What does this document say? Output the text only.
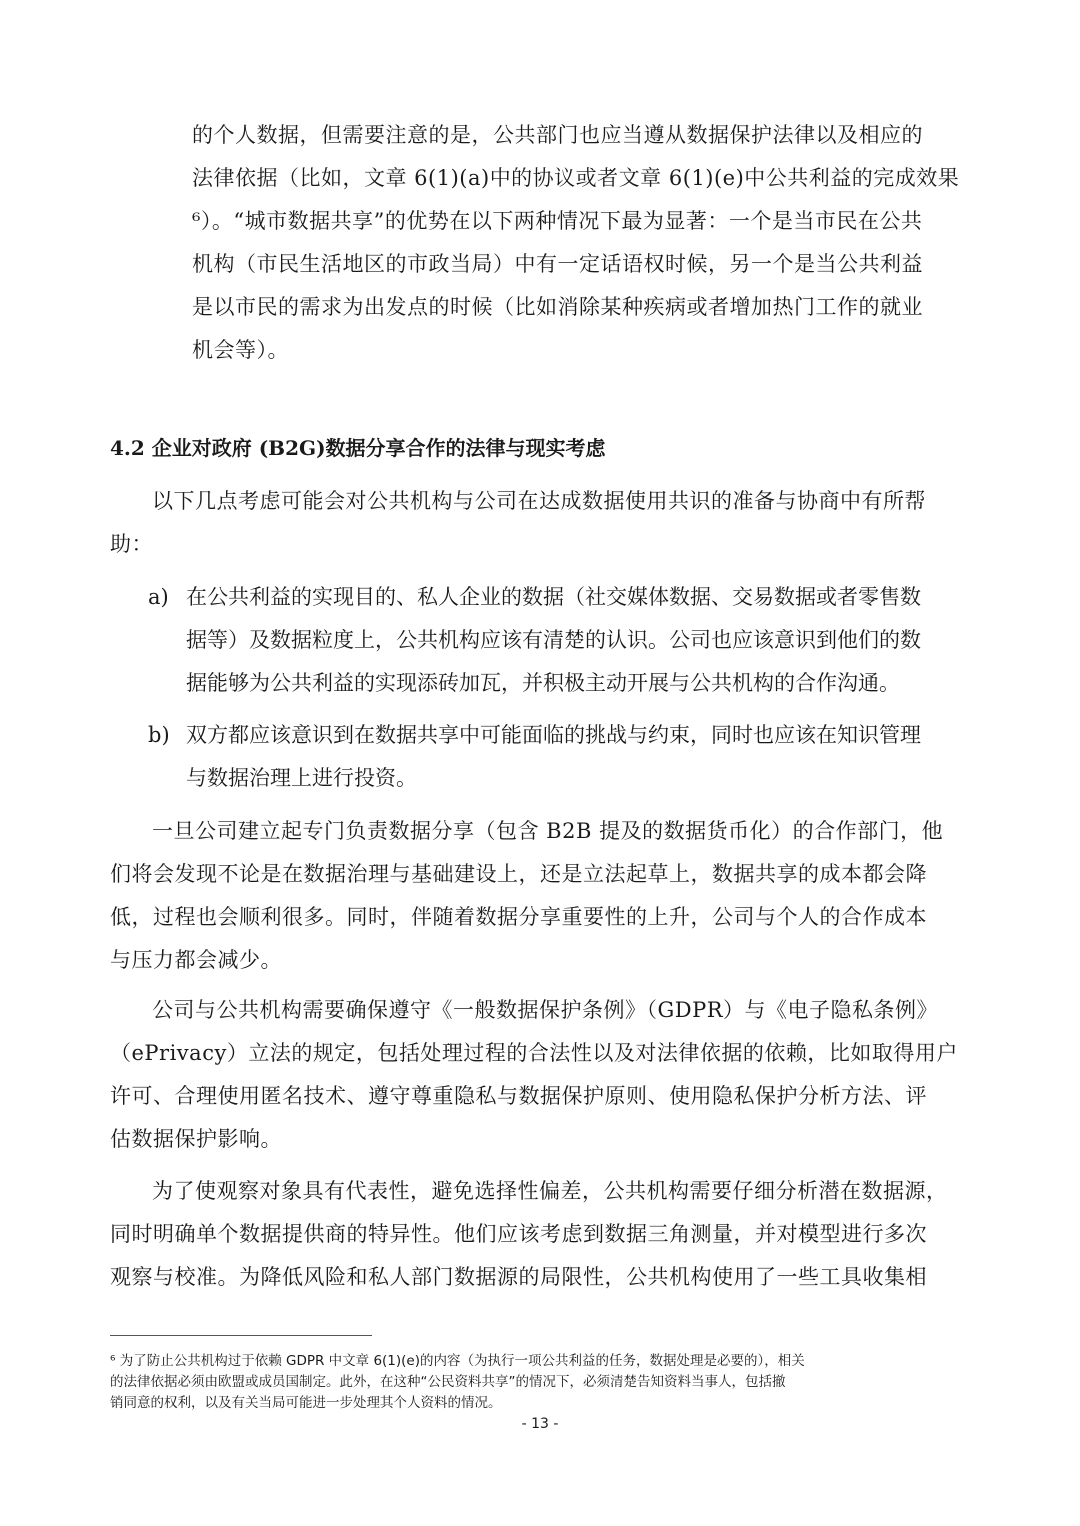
的个人数据，但需要注意的是，公共部门也应当遵从数据保护法律以及相应的
法律依据（比如，文章 6(1)(a)中的协议或者文章 6(1)(e)中公共利益的完成效果
⁶）。“城市数据共享”的优势在以下两种情况下最为显著：一个是当市民在公共
机构（市民生活地区的市政当局）中有一定话语权时候，另一个是当公共利益
是以市民的需求为出发点的时候（比如消除某种疾病或者增加热门工作的就业
机会等）。
4.2 企业对政府 (B2G)数据分享合作的法律与现实考虑
以下几点考虑可能会对公共机构与公司在达成数据使用共识的准备与协商中有所帮
助：
a) 在公共利益的实现目的、私人企业的数据（社交媒体数据、交易数据或者零售数
据等）及数据粒度上，公共机构应该有清楚的认识。公司也应该意识到他们的数
据能够为公共利益的实现添砖加瓦，并积极主动开展与公共机构的合作沟通。
b) 双方都应该意识到在数据共享中可能面临的挑战与约束，同时也应该在知识管理
与数据治理上进行投资。
一旦公司建立起专门负责数据分享（包含 B2B 提及的数据货币化）的合作部门，他
们将会发现不论是在数据治理与基础建设上，还是立法起草上，数据共享的成本都会降
低，过程也会顺利很多。同时，伴随着数据分享重要性的上升，公司与个人的合作成本
与压力都会减少。
公司与公共机构需要确保遵守《一般数据保护条例》（GDPR）与《电子隐私条例》
（ePrivacy）立法的规定，包括处理过程的合法性以及对法律依据的依赖，比如取得用户
许可、合理使用匿名技术、遵守尊重隐私与数据保护原则、使用隐私保护分析方法、评
估数据保护影响。
为了使观察对象具有代表性，避免选择性偏差，公共机构需要仔细分析潜在数据源，
同时明确单个数据提供商的特异性。他们应该考虑到数据三角测量，并对模型进行多次
观察与校准。为降低风险和私人部门数据源的局限性，公共机构使用了一些工具收集相
⁶ 为了防止公共机构过于依赖 GDPR 中文章 6(1)(e)的内容（为执行一项公共利益的任务，数据处理是必要的），相关
的法律依据必须由欧盟或成员国制定。此外，在这种“公民资料共享”的情况下，必须清楚告知资料当事人，包括撤
销同意的权利，以及有关当局可能进一步处理其个人资料的情况。
- 13 -
